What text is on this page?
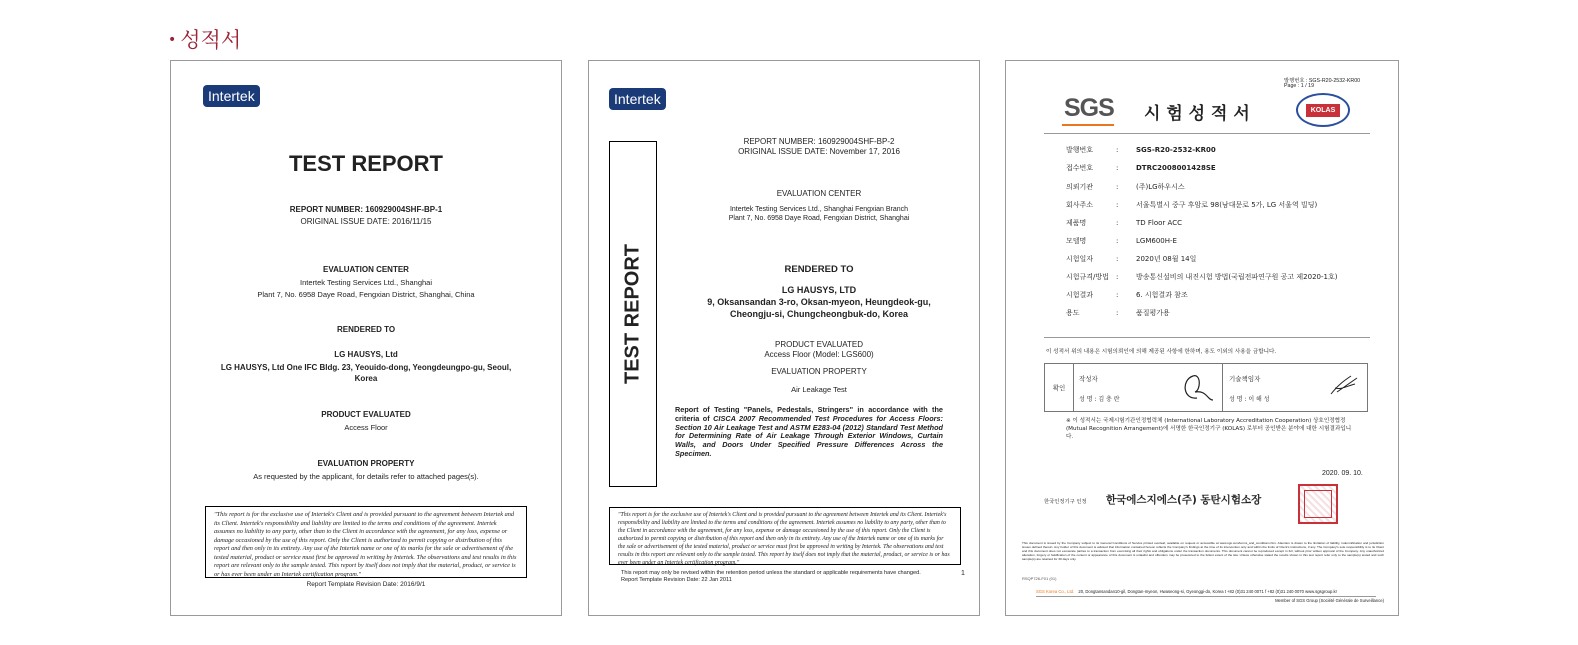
• 성적서
Intertek
TEST REPORT
REPORT NUMBER: 160929004SHF-BP-1
ORIGINAL ISSUE DATE: 2016/11/15
EVALUATION CENTER
Intertek Testing Services Ltd., Shanghai
Plant 7, No. 6958 Daye Road, Fengxian District, Shanghai, China
RENDERED TO
LG HAUSYS, Ltd
LG HAUSYS, Ltd One IFC Bldg. 23, Yeouido-dong, Yeongdeungpo-gu, Seoul,
Korea
PRODUCT EVALUATED
Access Floor
EVALUATION PROPERTY
As requested by the applicant, for details refer to attached pages(s).
"This report is for the exclusive use of Intertek's Client and is provided pursuant to the agreement between Intertek and its Client. Intertek's responsibility and liability are limited to the terms and conditions of the agreement. Intertek assumes no liability to any party, other than to the Client in accordance with the agreement, for any loss, expense or damage occasioned by the use of this report. Only the Client is authorized to permit copying or distribution of this report and then only in its entirety. Any use of the Intertek name or one of its marks for the sale or advertisement of the tested material, product or service must first be approved in writing by Intertek. The observations and test results in this report are relevant only to the sample tested. This report by itself does not imply that the material, product, or service is or has ever been under an Intertek certification program."
Report Template Revision Date: 2016/9/1
Intertek
TEST REPORT
REPORT NUMBER: 160929004SHF-BP-2
ORIGINAL ISSUE DATE: November 17, 2016
EVALUATION CENTER
Intertek Testing Services Ltd., Shanghai Fengxian Branch
Plant 7, No. 6958 Daye Road, Fengxian District, Shanghai
RENDERED TO
LG HAUSYS, LTD
9, Oksansandan 3-ro, Oksan-myeon, Heungdeok-gu,
Cheongju-si, Chungcheongbuk-do, Korea
PRODUCT EVALUATED
Access Floor (Model: LGS600)
EVALUATION PROPERTY
Air Leakage Test
Report of Testing "Panels, Pedestals, Stringers" in accordance with the criteria of CISCA 2007 Recommended Test Procedures for Access Floors: Section 10 Air Leakage Test and ASTM E283-04 (2012) Standard Test Method for Determining Rate of Air Leakage Through Exterior Windows, Curtain Walls, and Doors Under Specified Pressure Differences Across the Specimen.
"This report is for the exclusive use of Intertek's Client and is provided pursuant to the agreement between Intertek and its Client. Intertek's responsibility and liability are limited to the terms and conditions of the agreement. Intertek assumes no liability to any party, other than to the Client in accordance with the agreement, for any loss, expense or damage occasioned by the use of this report. Only the Client is authorized to permit copying or distribution of this report and then only in its entirety. Any use of the Intertek name or one of its marks for the sale or advertisement of the tested material, product or service must first be approved in writing by Intertek. The observations and test results in this report are relevant only to the sample tested. This report by itself does not imply that the material, product, or service is or has ever been under an Intertek certification program."
This report may only be revised within the retention period unless the standard or applicable requirements have changed.
Report Template Revision Date: 22 Jan 2011
1
발행번호 : SGS-R20-2532-KR00
Page : 1 / 19
SGS 시 험 성 적 서	KOLAS
발행번호	:	SGS-R20-2532-KR00
접수번호	:	DTRC2008001428SE
의뢰기관	:	(주)LG하우시스
회사주소	:	서울특별시 중구 후암로 98(남대문로 5가, LG 서울역 빌딩)
제품명	:	TD Floor ACC
모델명	:	LGM600H-E
시험일자	:	2020년 08월 14일
시험규격/방법 :	방송통신설비의 내진시험 방법(국립전파연구원 공고 제2020-1호)
시험결과	:	6. 시험결과 참조
용도	:	품질평가용
이 성적서 위의 내용은 시험의뢰인에 의해 제공된 사항에 한하며, 용도 이외의 사용을 금합니다.
확인
작성자
성 명 : 김 충 란
기술책임자
성 명 : 이 해 성
※ 이 성적서는 국제시험기관인정협력체 (International Laboratory Accreditation Cooperation) 상호인정협정(Mutual Recognition Arrangement)에 서명한 한국인정기구 (KOLAS) 로부터 공인받은 분야에 대한 시험결과입니다.
2020. 09. 10.
한국인정기구 인정 한국에스지에스(주) 동탄시험소장
This document is issued by the Company subject to its General Conditions of Service printed overleaf, available on request or accessible at www.sgs.com/terms_and_conditions.htm. Attention is drawn to the limitation of liability, indemnification and jurisdiction issues defined therein. Any holder of this document is advised that information contained hereon reflects the Company's findings at the time of its intervention only and within the limits of Client's instructions, if any. The Company's sole responsibility is to its Client and this document does not exonerate parties to a transaction from exercising all their rights and obligations under the transaction documents. This document cannot be reproduced except in full, without prior written approval of the Company. Any unauthorized alteration, forgery or falsification of the content or appearance of this document is unlawful and offenders may be prosecuted to the fullest extent of the law. Unless otherwise stated the results shown in this test report refer only to the sample(s) tested and such sample(s) are retained for 30 days only.
RSQP726-F01 (01)
SGS Korea Co., Ltd. 20, Dongtansandan10-gil, Dongtan-myeon, Hwaseong-si, Gyeonggi-do, Korea t +82 (0)31 240 0071 f +82 (0)31 240 0070 www.sgsgroup.kr
Member of SGS Group (Société Générale de Surveillance)
